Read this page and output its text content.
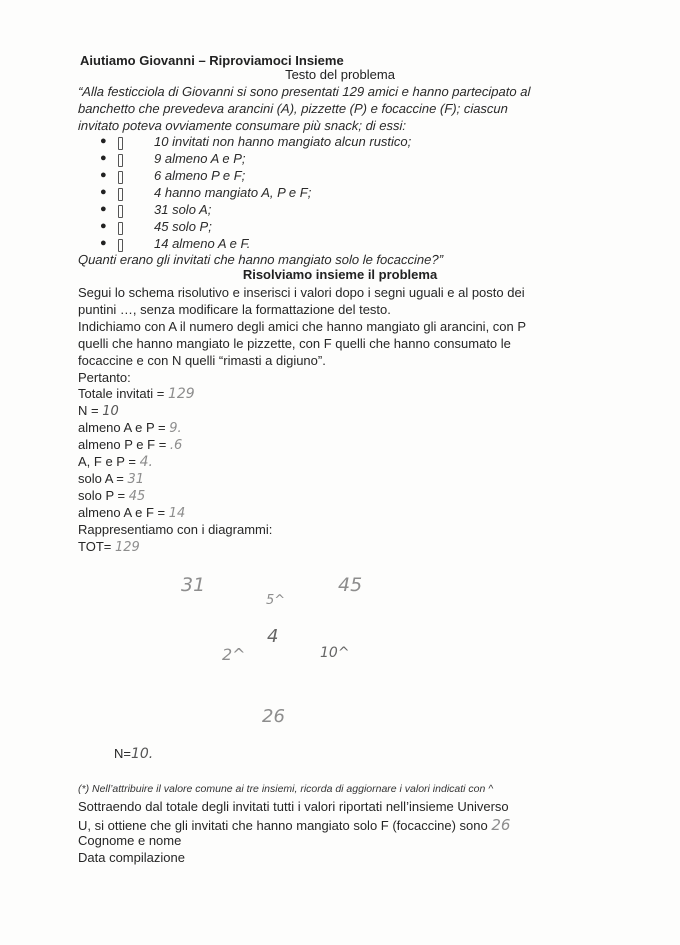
Aiutiamo Giovanni – Riproviamoci Insieme
Testo del problema
“Alla festicciola di Giovanni si sono presentati 129 amici e hanno partecipato al
banchetto che prevedeva arancini (A), pizzette (P) e focaccine (F); ciascun
invitato poteva ovviamente consumare più snack; di essi:
●	10 invitati non hanno mangiato alcun rustico;
●	9 almeno A e P;
●	6 almeno P e F;
●	4 hanno mangiato A, P e F;
●	31 solo A;
●	45 solo P;
●	14 almeno A e F.
Quanti erano gli invitati che hanno mangiato solo le focaccine?”
Risolviamo insieme il problema
Segui lo schema risolutivo e inserisci i valori dopo i segni uguali e al posto dei
puntini …, senza modificare la formattazione del testo.
Indichiamo con A il numero degli amici che hanno mangiato gli arancini, con P
quelli che hanno mangiato le pizzette, con F quelli che hanno consumato le
focaccine e con N quelli “rimasti a digiuno”.
Pertanto:
Totale invitati = 129
N = 10
almeno A e P = 9.
almeno P e F = .6
A, F e P = 4.
solo A = 31
solo P = 45
almeno A e F = 14
Rappresentiamo con i diagrammi:
TOT= 129
31	45
5^
4
2^	10^
26
N=10.
(*) Nell’attribuire il valore comune ai tre insiemi, ricorda di aggiornare i valori indicati con ^
Sottraendo dal totale degli invitati tutti i valori riportati nell’insieme Universo
U, si ottiene che gli invitati che hanno mangiato solo F (focaccine) sono 26
Cognome e nome
Data compilazione
